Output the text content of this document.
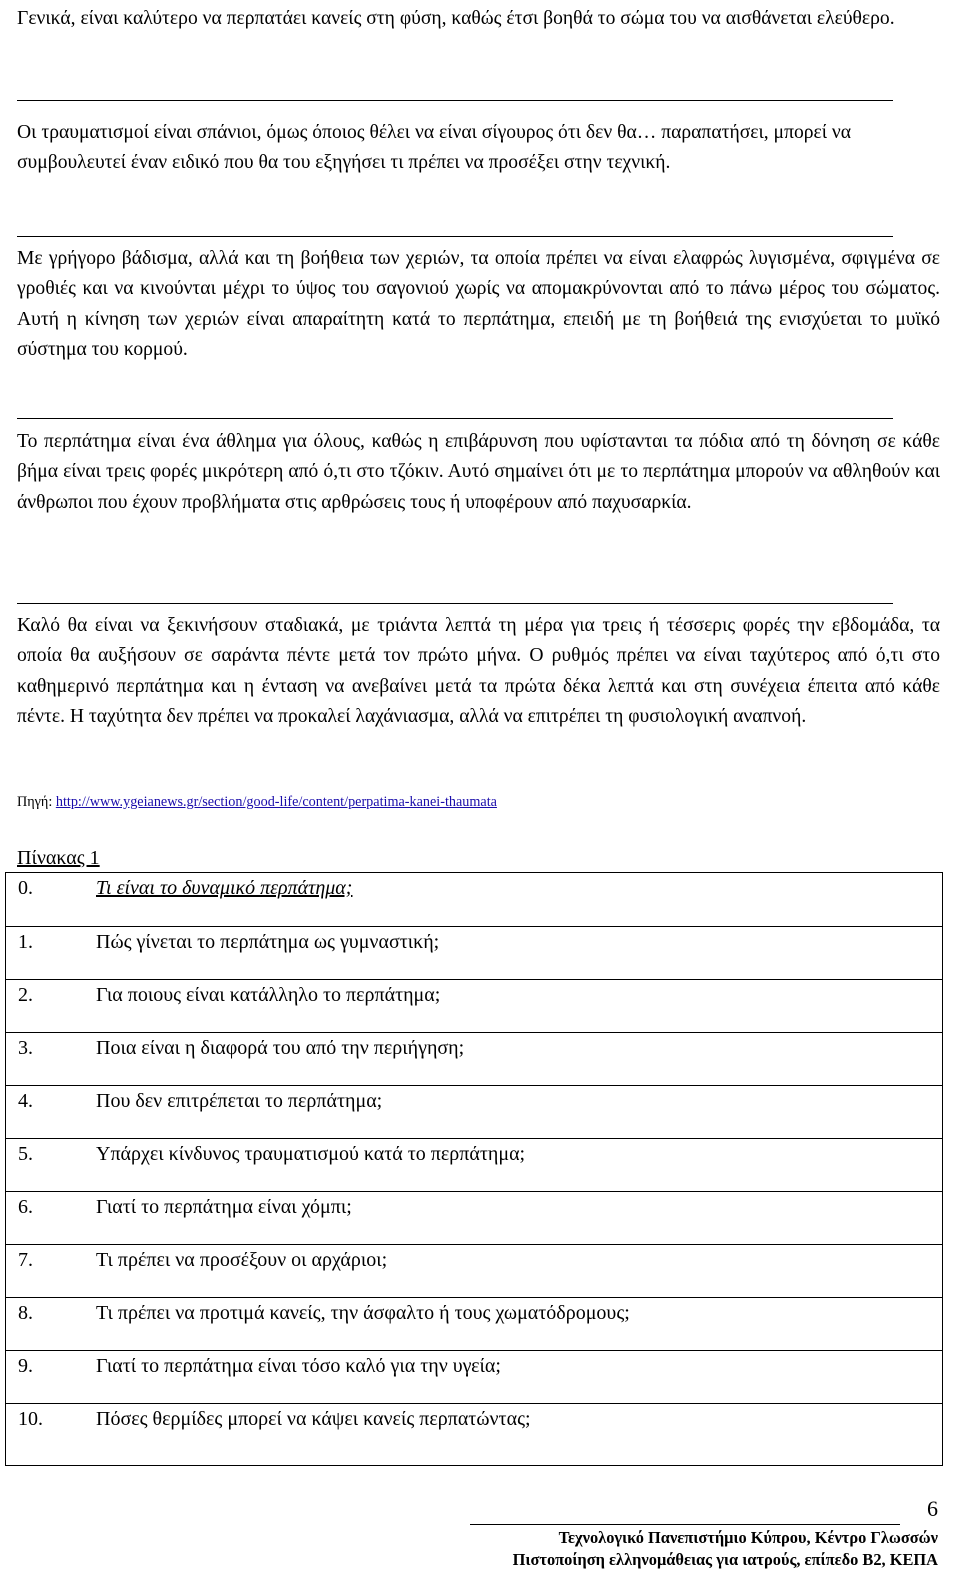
Γενικά, είναι καλύτερο να περπατάει κανείς στη φύση, καθώς έτσι βοηθά το σώμα του να αισθάνεται ελεύθερο.

Οι τραυματισμοί είναι σπάνιοι, όμως όποιος θέλει να είναι σίγουρος ότι δεν θα… παραπατήσει, μπορεί να συμβουλευτεί έναν ειδικό που θα του εξηγήσει τι πρέπει να προσέξει στην τεχνική.

Με γρήγορο βάδισμα, αλλά και τη βοήθεια των χεριών, τα οποία πρέπει να είναι ελαφρώς λυγισμένα, σφιγμένα σε γροθιές και να κινούνται μέχρι το ύψος του σαγονιού χωρίς να απομακρύνονται από το πάνω μέρος του σώματος. Αυτή η κίνηση των χεριών είναι απαραίτητη κατά το περπάτημα, επειδή με τη βοήθειά της ενισχύεται το μυϊκό σύστημα του κορμού.

Το περπάτημα είναι ένα άθλημα για όλους, καθώς η επιβάρυνση που υφίστανται τα πόδια από τη δόνηση σε κάθε βήμα είναι τρεις φορές μικρότερη από ό,τι στο τζόκιν. Αυτό σημαίνει ότι με το περπάτημα μπορούν να αθληθούν και άνθρωποι που έχουν προβλήματα στις αρθρώσεις τους ή υποφέρουν από παχυσαρκία.

Καλό θα είναι να ξεκινήσουν σταδιακά, με τριάντα λεπτά τη μέρα για τρεις ή τέσσερις φορές την εβδομάδα, τα οποία θα αυξήσουν σε σαράντα πέντε μετά τον πρώτο μήνα. Ο ρυθμός πρέπει να είναι ταχύτερος από ό,τι στο καθημερινό περπάτημα και η ένταση να ανεβαίνει μετά τα πρώτα δέκα λεπτά και στη συνέχεια έπειτα από κάθε πέντε. Η ταχύτητα δεν πρέπει να προκαλεί λαχάνιασμα, αλλά να επιτρέπει τη φυσιολογική αναπνοή.

Πηγή: http://www.ygeianews.gr/section/good-life/content/perpatima-kanei-thaumata
Πίνακας 1
0.	Τι είναι το δυναμικό περπάτημα;
1.	Πώς γίνεται το περπάτημα ως γυμναστική;
2.	Για ποιους είναι κατάλληλο το περπάτημα;
3.	Ποια είναι η διαφορά του από την περιήγηση;
4.	Που δεν επιτρέπεται το περπάτημα;
5.	Υπάρχει κίνδυνος τραυματισμού κατά το περπάτημα;
6.	Γιατί το περπάτημα είναι χόμπι;
7.	Τι πρέπει να προσέξουν οι αρχάριοι;
8.	Τι πρέπει να προτιμά κανείς, την άσφαλτο ή τους χωματόδρομους;
9.	Γιατί το περπάτημα είναι τόσο καλό για την υγεία;
10.	Πόσες θερμίδες μπορεί να κάψει κανείς περπατώντας;
6
Τεχνολογικό Πανεπιστήμιο Κύπρου, Κέντρο Γλωσσών
Πιστοποίηση ελληνομάθειας για ιατρούς, επίπεδο Β2, ΚΕΠΑ
